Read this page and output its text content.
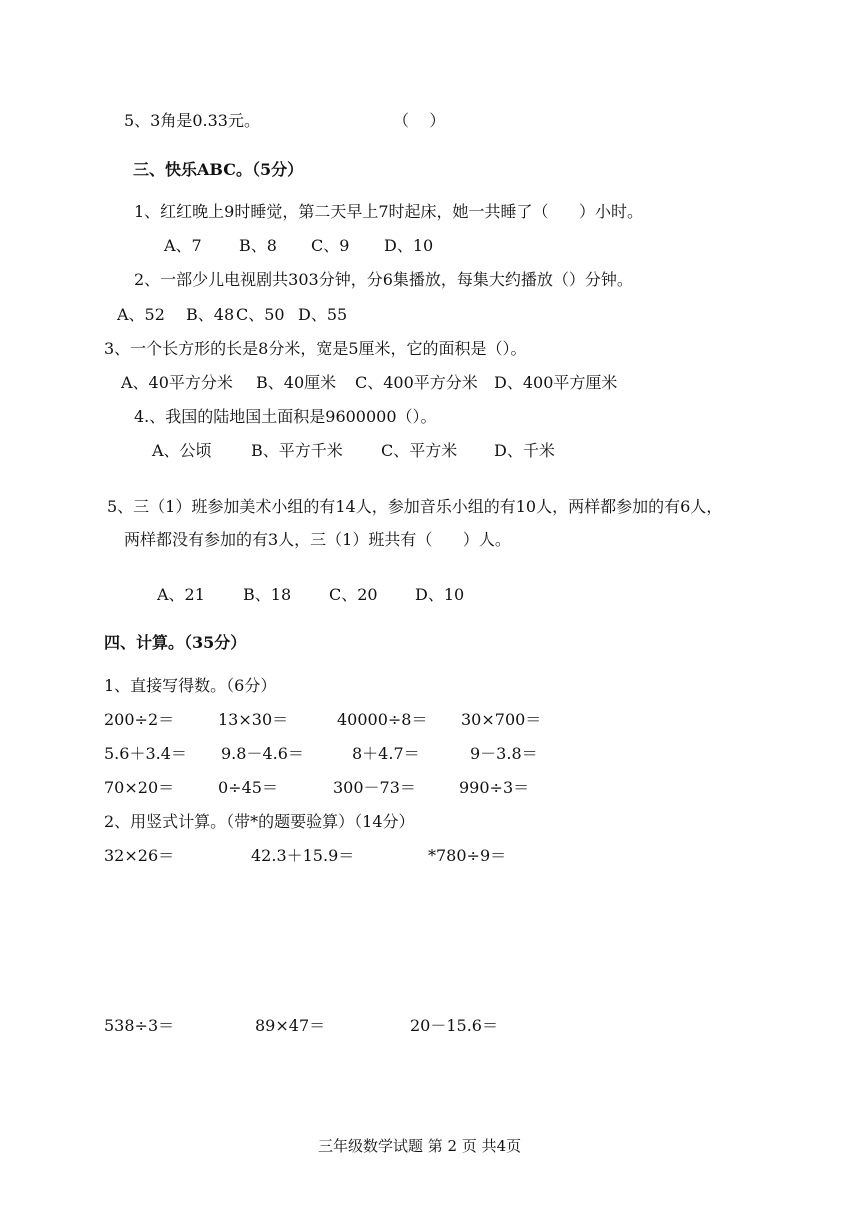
5、3角是0.33元。	（    ）
三、快乐ABC。（5分）
1、红红晚上9时睡觉，第二天早上7时起床，她一共睡了（      ）小时。
A、7 B、8 C、9 D、10
2、一部少儿电视剧共303分钟，分6集播放，每集大约播放（）分钟。
A、52 B、48 C、50 D、55
3、一个长方形的长是8分米，宽是5厘米，它的面积是（）。
A、40平方分米 B、40厘米 C、400平方分米 D、400平方厘米
4.、我国的陆地国土面积是9600000（）。
A、公顷 B、平方千米 C、平方米 D、千米
5、三（1）班参加美术小组的有14人，参加音乐小组的有10人，两样都参加的有6人，
两样都没有参加的有3人，三（1）班共有（      ）人。
A、21 B、18 C、20 D、10
四、计算。（35分）
1、直接写得数。（6分）
200÷2＝	13×30＝	40000÷8＝ 30×700＝
5.6＋3.4＝ 9.8－4.6＝	8＋4.7＝	9－3.8＝
70×20＝	0÷45＝	300－73＝	990÷3＝
2、用竖式计算。（带*的题要验算）（14分）
32×26＝	42.3＋15.9＝	*780÷9＝
538÷3＝	89×47＝	20－15.6＝
三年级数学试题 第 2 页 共4页
